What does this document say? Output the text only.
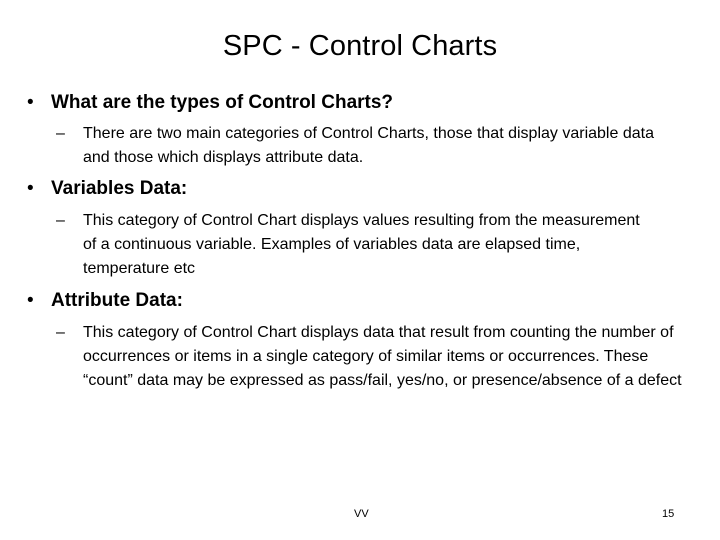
SPC - Control Charts
• What are the types of Control Charts?
–	There are two main categories of Control Charts, those that display variable data and those which displays attribute data.
• Variables Data:
–	This category of Control Chart displays values resulting from the measurement of a continuous variable. Examples of variables data are elapsed time, temperature etc
• Attribute Data:
–	This category of Control Chart displays data that result from counting the number of occurrences or items in a single category of similar items or occurrences. These “count” data may be expressed as pass/fail, yes/no, or presence/absence of a defect
VV	15
